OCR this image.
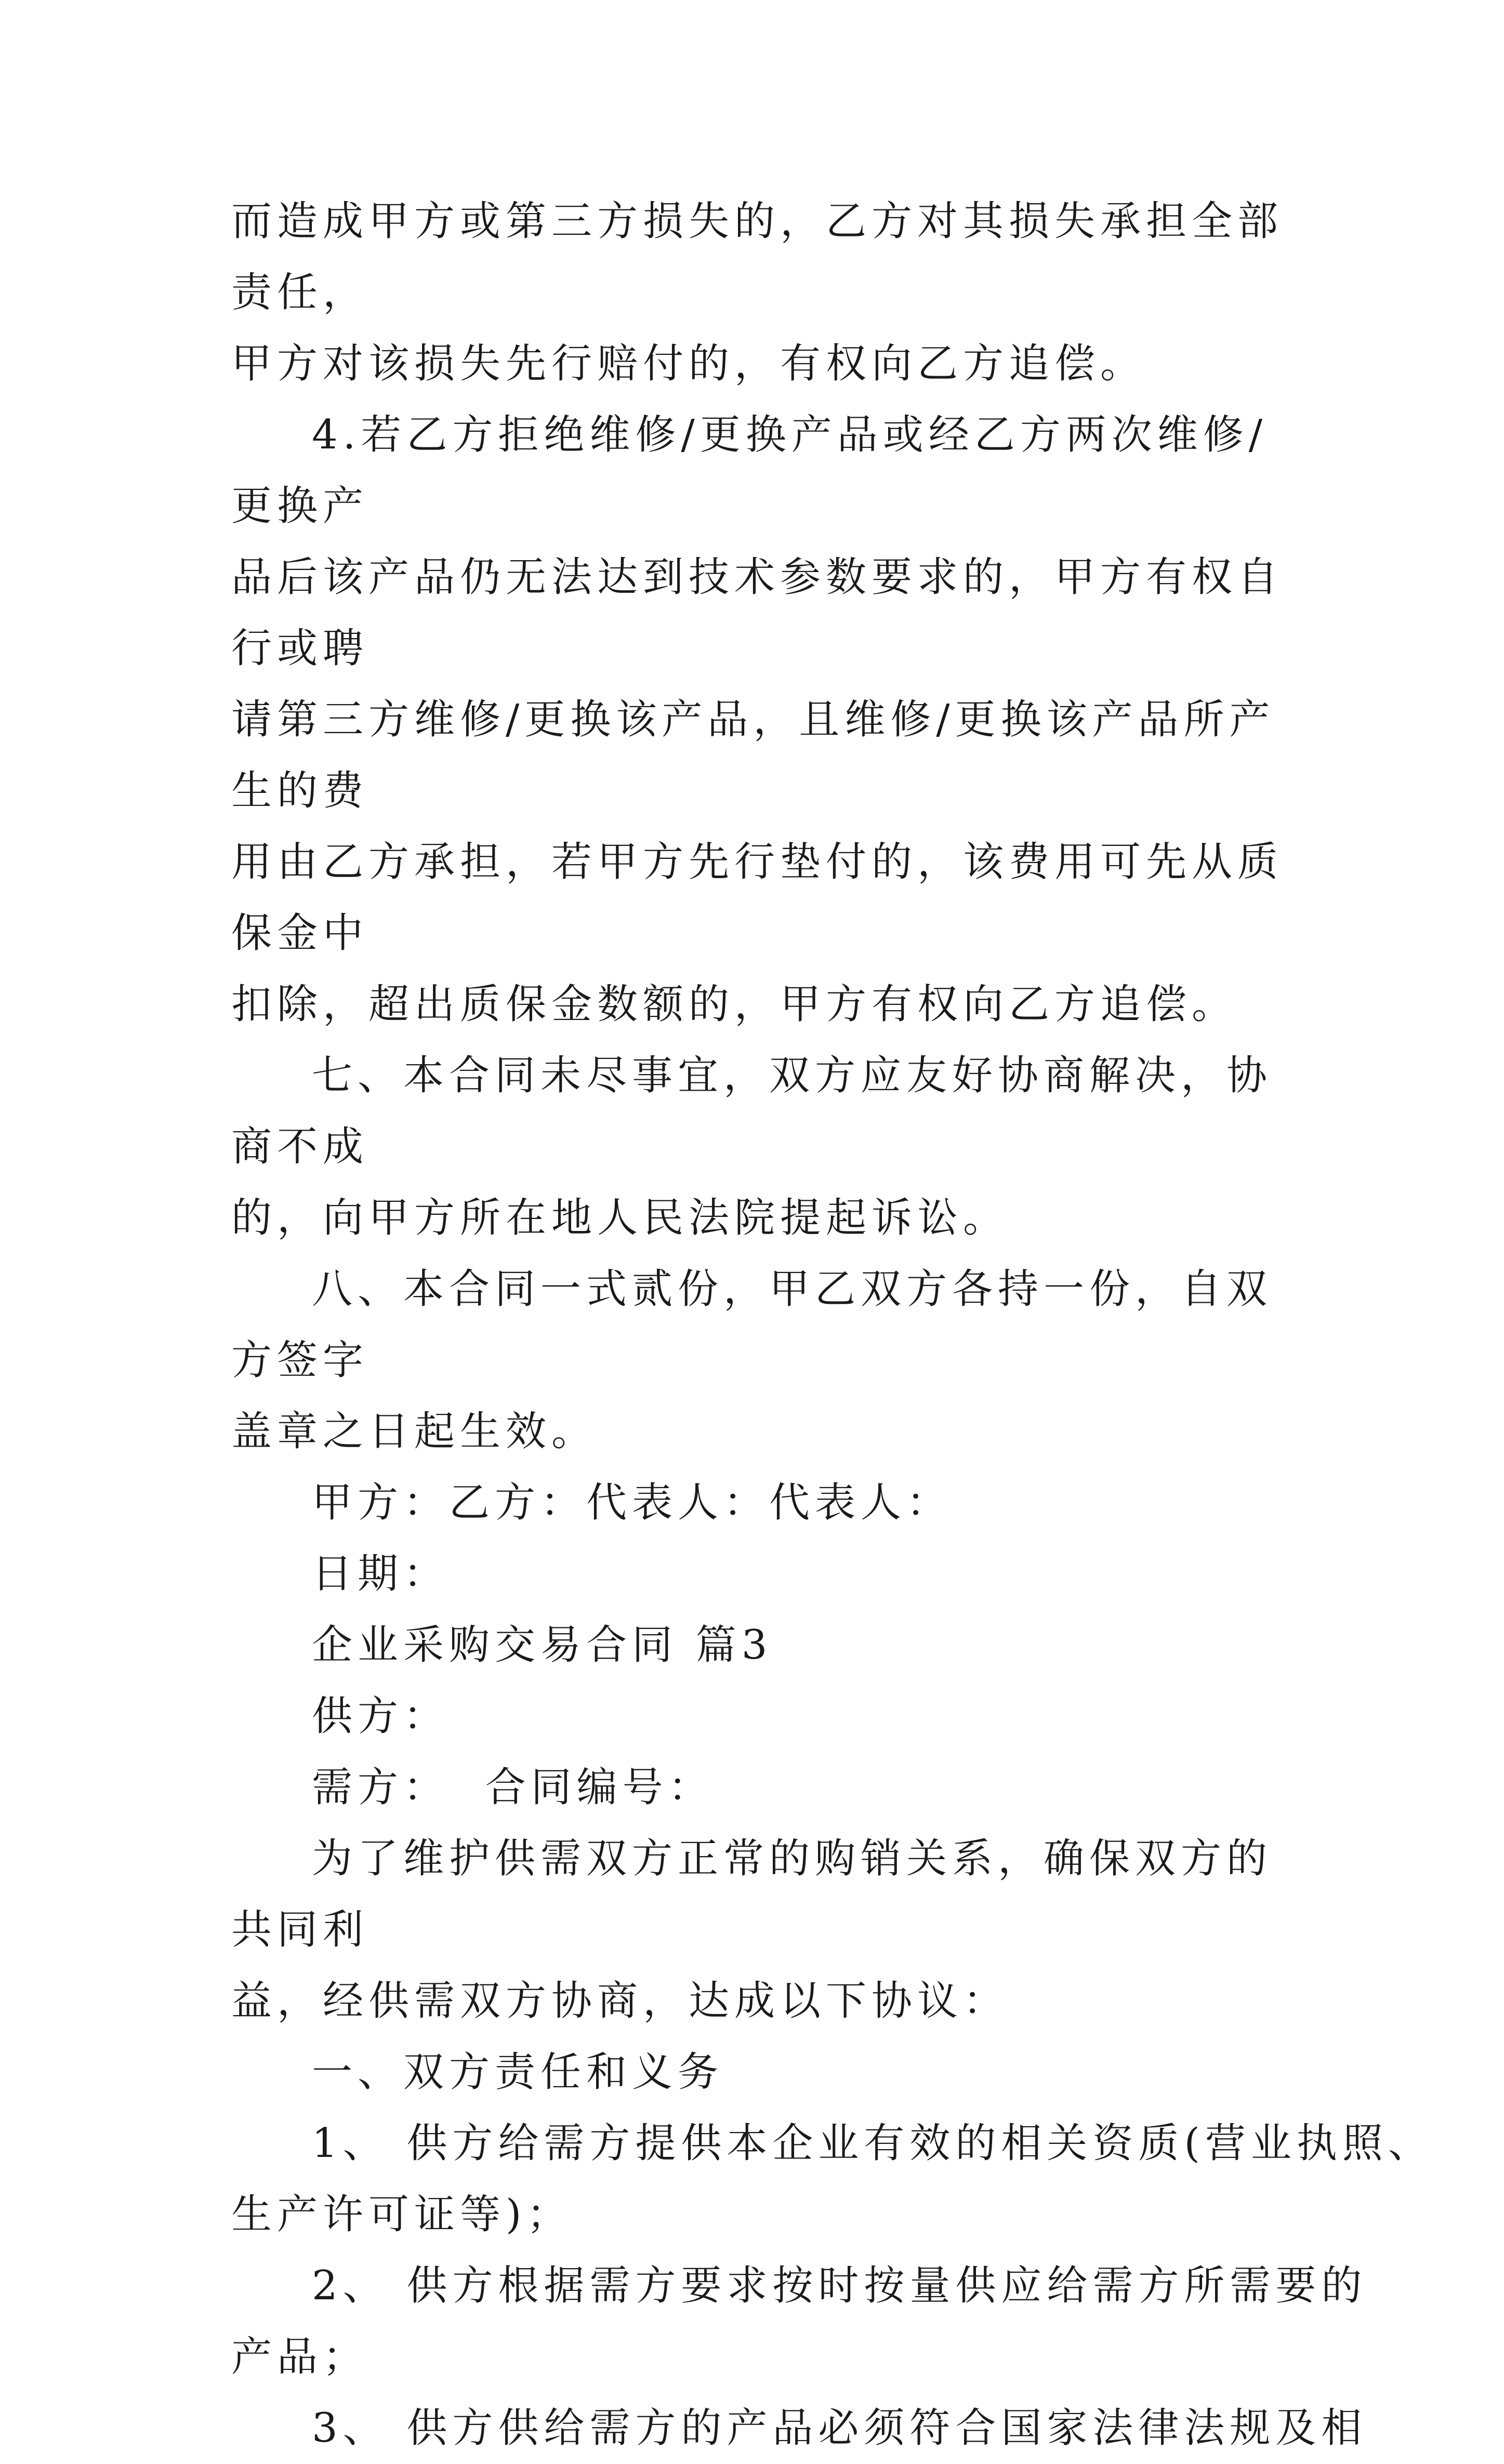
而造成甲方或第三方损失的，乙方对其损失承担全部责任，
甲方对该损失先行赔付的，有权向乙方追偿。

4.若乙方拒绝维修/更换产品或经乙方两次维修/更换产
品后该产品仍无法达到技术参数要求的，甲方有权自行或聘
请第三方维修/更换该产品，且维修/更换该产品所产生的费
用由乙方承担，若甲方先行垫付的，该费用可先从质保金中
扣除，超出质保金数额的，甲方有权向乙方追偿。

七、本合同未尽事宜，双方应友好协商解决，协商不成
的，向甲方所在地人民法院提起诉讼。

八、本合同一式贰份，甲乙双方各持一份，自双方签字
盖章之日起生效。

甲方：乙方：代表人：代表人：

日期：

企业采购交易合同 篇3

供方：

需方：  合同编号：

为了维护供需双方正常的购销关系，确保双方的共同利
益，经供需双方协商，达成以下协议：

一、双方责任和义务

1、 供方给需方提供本企业有效的相关资质(营业执照、
生产许可证等)；

2、 供方根据需方要求按时按量供应给需方所需要的
产品；

3、 供方供给需方的产品必须符合国家法律法规及相
